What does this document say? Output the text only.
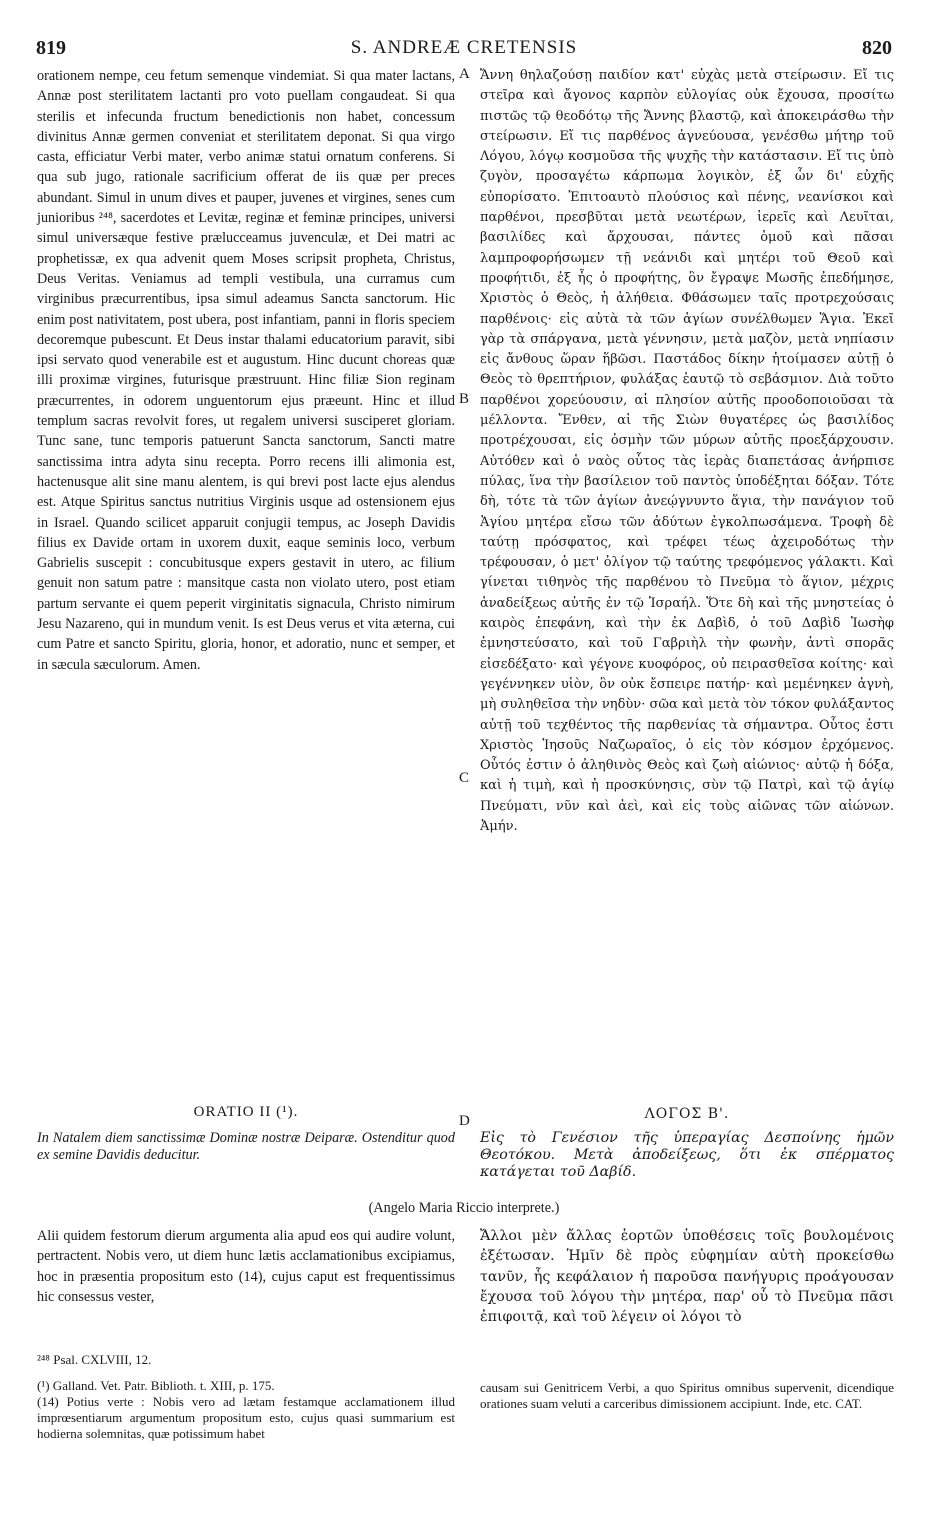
819	S. ANDREÆ CRETENSIS	820
A
B
C
D

orationem nempe, ceu fetum semenque vindemiat. Si qua mater lactans, Annæ post sterilitatem lactanti pro voto puellam congaudeat. Si qua sterilis et infecunda fructum benedictionis non habet, concessum divinitus Annæ germen conveniat et sterilitatem deponat. Si qua virgo casta, efficiatur Verbi mater, verbo animæ statui ornatum conferens. Si qua sub jugo, rationale sacrificium offerat de iis quæ per preces abundant. Simul in unum dives et pauper, juvenes et virgines, senes cum junioribus ²⁴⁸, sacerdotes et Levitæ, reginæ et feminæ principes, universi simul universæque festive prælucceamus juvenculæ, et Dei matri ac prophetissæ, ex qua advenit quem Moses scripsit propheta, Christus, Deus Veritas. Veniamus ad templi vestibula, una curramus cum virginibus præcurrentibus, ipsa simul adeamus Sancta sanctorum. Hic enim post nativitatem, post ubera, post infantiam, panni in floris speciem decoremque pubescunt. Et Deus instar thalami educatorium paravit, sibi ipsi servato quod venerabile est et augustum. Hinc ducunt choreas quæ illi proximæ virgines, futurisque præstruunt. Hinc filiæ Sion reginam præcurrentes, in odorem unguentorum ejus præeunt. Hinc et illud templum sacras revolvit fores, ut regalem universi susciperet gloriam. Tunc sane, tunc temporis patuerunt Sancta sanctorum, Sancti matre sanctissima intra adyta sinu recepta. Porro recens illi alimonia est, hactenusque alit sine manu alentem, is qui brevi post lacte ejus alendus est. Atque Spiritus sanctus nutritius Virginis usque ad ostensionem ejus in Israel. Quando scilicet apparuit conjugii tempus, ac Joseph Davidis filius ex Davide ortam in uxorem duxit, eaque seminis loco, verbum Gabrielis suscepit : concubitusque expers gestavit in utero, ac filium genuit non satum patre : mansitque casta non violato utero, post etiam partum servante ei quem peperit virginitatis signacula, Christo nimirum Jesu Nazareno, qui in mundum venit. Is est Deus verus et vita æterna, cui cum Patre et sancto Spiritu, gloria, honor, et adoratio, nunc et semper, et in sæcula sæculorum. Amen.

Ἄννη θηλαζούσῃ παιδίον κατ' εὐχὰς μετὰ στείρωσιν. Εἴ τις στεῖρα καὶ ἄγονος καρπὸν εὐλογίας οὐκ ἔχουσα, προσίτω πιστῶς τῷ θεοδότῳ τῆς Ἄννης βλαστῷ, καὶ ἀποκειράσθω τὴν στείρωσιν. Εἴ τις παρθένος ἁγνεύουσα, γενέσθω μήτηρ τοῦ Λόγου, λόγῳ κοσμοῦσα τῆς ψυχῆς τὴν κατάστασιν. Εἴ τις ὑπὸ ζυγὸν, προσαγέτω κάρπωμα λογικὸν, ἐξ ὧν δι' εὐχῆς εὐπορίσατο. Ἐπιτοαυτὸ πλούσιος καὶ πένης, νεανίσκοι καὶ παρθένοι, πρεσβῦται μετὰ νεωτέρων, ἱερεῖς καὶ Λευῖται, βασιλίδες καὶ ἄρχουσαι, πάντες ὁμοῦ καὶ πᾶσαι λαμπροφορήσωμεν τῇ νεάνιδι καὶ μητέρι τοῦ Θεοῦ καὶ προφήτιδι, ἐξ ἧς ὁ προφήτης, ὃν ἔγραψε Μωσῆς ἐπεδήμησε, Χριστὸς ὁ Θεὸς, ἡ ἀλήθεια. Φθάσωμεν ταῖς προτρεχούσαις παρθένοις· εἰς αὐτὰ τὰ τῶν ἁγίων συνέλθωμεν Ἅγια. Ἐκεῖ γὰρ τὰ σπάργανα, μετὰ γέννησιν, μετὰ μαζὸν, μετὰ νηπίασιν εἰς ἄνθους ὥραν ἥβῶσι. Παστάδος δίκην ἡτοίμασεν αὐτῇ ὁ Θεὸς τὸ θρεπτήριον, φυλάξας ἑαυτῷ τὸ σεβάσμιον. Διὰ τοῦτο παρθένοι χορεύουσιν, αἱ πλησίον αὐτῆς προοδοποιοῦσαι τὰ μέλλοντα. Ἔνθεν, αἱ τῆς Σιὼν θυγατέρες ὡς βασιλίδος προτρέχουσαι, εἰς ὀσμὴν τῶν μύρων αὐτῆς προεξάρχουσιν. Αὐτόθεν καὶ ὁ ναὸς οὗτος τὰς ἱερὰς διαπετάσας ἀνήρπισε πύλας, ἵνα τὴν βασίλειον τοῦ παντὸς ὑποδέξηται δόξαν. Τότε δὴ, τότε τὰ τῶν ἁγίων ἀνεῴγνυντο ἅγια, τὴν πανάγιον τοῦ Ἁγίου μητέρα εἴσω τῶν ἀδύτων ἐγκολπωσάμενα. Τροφὴ δὲ ταύτῃ πρόσφατος, καὶ τρέφει τέως ἀχειροδότως τὴν τρέφουσαν, ὁ μετ' ὀλίγον τῷ ταύτης τρεφόμενος γάλακτι. Καὶ γίνεται τιθηνὸς τῆς παρθένου τὸ Πνεῦμα τὸ ἅγιον, μέχρις ἀναδείξεως αὐτῆς ἐν τῷ Ἰσραήλ. Ὅτε δὴ καὶ τῆς μνηστείας ὁ καιρὸς ἐπεφάνη, καὶ τὴν ἐκ Δαβὶδ, ὁ τοῦ Δαβὶδ Ἰωσὴφ ἐμνηστεύσατο, καὶ τοῦ Γαβριὴλ τὴν φωνὴν, ἀντὶ σπορᾶς εἰσεδέξατο· καὶ γέγονε κυοφόρος, οὐ πειρασθεῖσα κοίτης· καὶ γεγέννηκεν υἱὸν, ὃν οὐκ ἔσπειρε πατήρ· καὶ μεμένηκεν ἁγνὴ, μὴ συληθεῖσα τὴν νηδὺν· σῶα καὶ μετὰ τὸν τόκον φυλάξαντος αὐτῇ τοῦ τεχθέντος τῆς παρθενίας τὰ σήμαντρα. Οὗτος ἐστι Χριστὸς Ἰησοῦς Ναζωραῖος, ὁ εἰς τὸν κόσμον ἐρχόμενος. Οὗτός ἐστιν ὁ ἀληθινὸς Θεὸς καὶ ζωὴ αἰώνιος· αὐτῷ ἡ δόξα, καὶ ἡ τιμὴ, καὶ ἡ προσκύνησις, σὺν τῷ Πατρὶ, καὶ τῷ ἁγίῳ Πνεύματι, νῦν καὶ ἀεὶ, καὶ εἰς τοὺς αἰῶνας τῶν αἰώνων. Ἀμήν.

ORATIO II (¹).	ΛΟΓΟΣ Β'.
In Natalem diem sanctissimæ Dominæ nostræ Deiparæ. Ostenditur quod ex semine Davidis deducitur.
Εἰς τὸ Γενέσιον τῆς ὑπεραγίας Δεσποίνης ἡμῶν Θεοτόκου. Μετὰ ἀποδείξεως, ὅτι ἐκ σπέρματος κατάγεται τοῦ Δαβίδ.
(Angelo Maria Riccio interprete.)
Alii quidem festorum dierum argumenta alia apud eos qui audire volunt, pertractent. Nobis vero, ut diem hunc lætis acclamationibus excipiamus, hoc in præsentia propositum esto (14), cujus caput est frequentissimus hic consessus vester,
Ἄλλοι μὲν ἄλλας ἑορτῶν ὑποθέσεις τοῖς βουλομένοις ἐξέτωσαν. Ἡμῖν δὲ πρὸς εὐφημίαν αὐτὴ προκείσθω τανῦν, ἧς κεφάλαιον ἡ παροῦσα πανήγυρις προάγουσαν ἔχουσα τοῦ λόγου τὴν μητέρα, παρ' οὗ τὸ Πνεῦμα πᾶσι ἐπιφοιτᾷ, καὶ τοῦ λέγειν οἱ λόγοι τὸ

²⁴⁸ Psal. CXLVIII, 12.

(¹) Galland. Vet. Patr. Biblioth. t. XIII, p. 175.

(14) Potius verte : Nobis vero ad lætam festamque acclamationem illud imprœsentiarum argumentum propositum esto, cujus quasi summarium est hodierna solemnitas, quæ potissimum habet

causam sui Genitricem Verbi, a quo Spiritus omnibus supervenit, dicendique orationes suam veluti a carceribus dimissionem accipiunt. Inde, etc. CAT.
